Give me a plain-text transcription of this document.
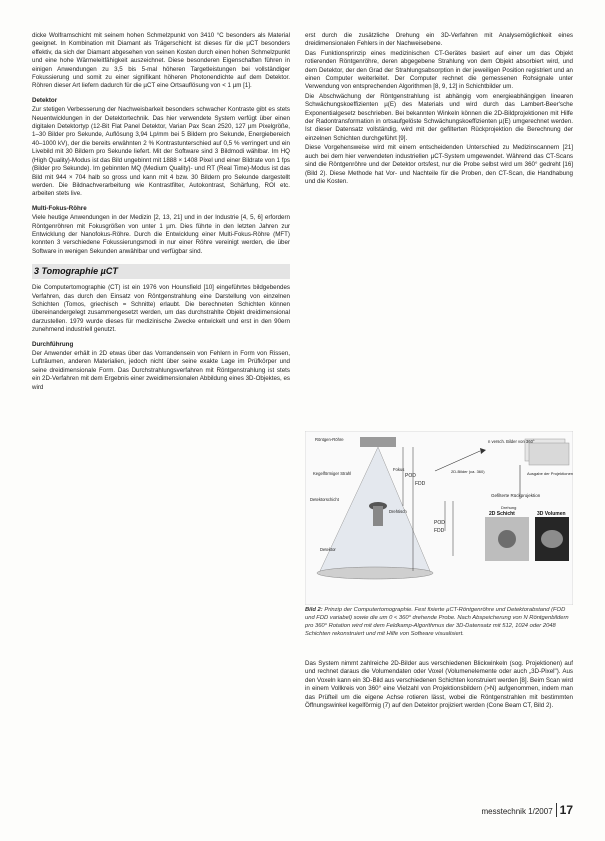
dicke Wolframschicht mit seinem hohen Schmelzpunkt von 3410 °C besonders als Material geeignet. In Kombination mit Diamant als Trägerschicht ist dieses für die µCT besonders effektiv, da sich der Diamant abgesehen von seinen Kosten durch einen hohen Schmelzpunkt und eine hohe Wärmeleitfähigkeit auszeichnet. Diese besonderen Eigenschaften führen in einigen Anwendungen zu 3,5 bis 5-mal höheren Targetleistungen bei vollständiger Fokussierung und somit zu einer signifikant höheren Photonendichte auf dem Detektor. Röhren dieser Art liefern dadurch für die µCT eine Ortsauflösung von < 1 µm [1].

Detektor

Zur stetigen Verbesserung der Nachweisbarkeit besonders schwacher Kontraste gibt es stets Neuentwicklungen in der Detektortechnik. Das hier verwendete System verfügt über einen digitalen Detektortyp (12-Bit Flat Panel Detektor, Varian Pax Scan 2520, 127 µm Pixelgröße, 1–30 Bilder pro Sekunde, Auflösung 3,94 Lp/mm bei 5 Bildern pro Sekunde, Energiebereich 40–1000 kV), der die bereits erwähnten 2 % Kontrastunterschied auf 0,5 % verringert und ein Livebild mit 30 Bildern pro Sekunde liefert. Mit der Software sind 3 Bildmodi wählbar. Im HQ (High Quality)-Modus ist das Bild ungebinnt mit 1888 × 1408 Pixel und einer Bildrate von 1 fps (Bilder pro Sekunde). Im gebinnten MQ (Medium Quality)- und RT (Real Time)-Modus ist das Bild mit 944 × 704 halb so gross und kann mit 4 bzw. 30 Bildern pro Sekunde dargestellt werden. Die Bildnachverarbeitung wie Kontrastfilter, Autokontrast, Schärfung, ROI etc. arbeiten stets live.

Multi-Fokus-Röhre

Viele heutige Anwendungen in der Medizin [2, 13, 21] und in der Industrie [4, 5, 6] erfordern Röntgenröhren mit Fokusgrößen von unter 1 µm. Dies führte in den letzten Jahren zur Entwicklung der Nanofokus-Röhre. Durch die Entwicklung einer Multi-Fokus-Röhre (MFT) konnten 3 verschiedene Fokussierungsmodi in nur einer Röhre vereinigt werden, die über Software in wenigen Sekunden anwählbar und verfügbar sind.

3 Tomographie µCT

Die Computertomographie (CT) ist ein 1976 von Hounsfield [10] eingeführtes bildgebendes Verfahren, das durch den Einsatz von Röntgenstrahlung eine Darstellung von einzelnen Schichten (Tomos, griechisch = Schnitte) erlaubt. Die berechneten Schichten können übereinandergelegt zusammengesetzt werden, um das durchstrahlte Objekt dreidimensional darzustellen. 1979 wurde dieses für medizinische Zwecke entwickelt und erst in den 90ern zunehmend industriell genutzt.

Durchführung

Der Anwender erhält in 2D etwas über das Vorrandensein von Fehlern in Form von Rissen, Lufträumen, anderen Materialien, jedoch nicht über seine exakte Lage im Prüfkörper und seine dreidimensionale Form. Das Durchstrahlungsverfahren mit Röntgenstrahlung ist stets ein 2D-Verfahren mit dem Ergebnis einer zweidimensionalen Abbildung eines 3D-Objektes, es wird

erst durch die zusätzliche Drehung ein 3D-Verfahren mit Analysemöglichkeit eines dreidimensionalen Fehlers in der Nachweisebene.

Das Funktionsprinzip eines medizinischen CT-Gerätes basiert auf einer um das Objekt rotierenden Röntgenröhre, deren abgegebene Strahlung von dem Objekt absorbiert wird, und dem Detektor, der den Grad der Strahlungsabsorption in der jeweiligen Position registriert und an einen Computer weiterleitet. Der Computer rechnet die gemessenen Rohsignale unter Verwendung von entsprechenden Algorithmen [8, 9, 12] in Schichtbilder um.

Die Abschwächung der Röntgenstrahlung ist abhängig vom energieabhängigen linearen Schwächungskoeffizienten µ(E) des Materials und wird durch das Lambert-Beer'sche Exponentialgesetz beschrieben. Bei bekannten Winkeln können die 2D-Bildprojektionen mit Hilfe der Radontransformation in ortsaufgelöste Schwächungskoeffizienten µ(E) umgerechnet werden. Ist dieser Datensatz vollständig, wird mit der gefilterten Rückprojektion die Berechnung der einzelnen Schichten durchgeführt [9].

Diese Vorgehensweise wird mit einem entscheidenden Unterschied zu Medizinscannern [21] auch bei dem hier verwendeten industriellen µCT-System umgewendet. Während das CT-Scans sind die Röntgenröhre und der Detektor ortsfest, nur die Probe selbst wird um 360° gedreht [16] (Bild 2). Diese Methode hat Vor- und Nachteile für die Proben, den CT-Scan, die Handhabung und die Kosten.

Röntgen-Röhre
Kegelförmiger Strahl
Fokus
POD
FDD
POD
FDD
Detektorschicht
Drehtisch
Detektor
2D-Bilder (ca. 360)
n versch. Bilder von 360°
Ausgabe der Projektionen
Gefilterte Rückprojektion
Drehung
2D Schicht	3D Volumen
Bild 2: Prinzip der Computertomographie. Fest fixierte µCT-Röntgenröhre und Detektorabstand (FOD und FDD variabel) sowie die um 0 < 360° drehende Probe. Nach Abspeicherung von N Röntgenbildern pro 360° Rotation wird mit dem Feldkamp-Algorithmus der 3D-Datensatz mit 512, 1024 oder 2048 Schichten rekonstruiert und mit Hilfe von Software visualisiert.

Das System nimmt zahlreiche 2D-Bilder aus verschiedenen Blickwinkeln (sog. Projektionen) auf und rechnet daraus die Volumendaten oder Voxel (Volumenelemente oder auch „3D-Pixel"). Aus den Voxeln kann ein 3D-Bild aus verschiedenen Schichten konstruiert werden [8]. Beim Scan wird in einem Vollkreis von 360° eine Vielzahl von Projektionsbildern (>N) aufgenommen, indem man das Prüfteil um die eigene Achse rotieren lässt, wobei die Röntgenstrahlen mit bestimmten Öffnungswinkel kegelförmig (7) auf den Detektor projiziert werden (Cone Beam CT, Bild 2).

messtechnik 1/2007 17
